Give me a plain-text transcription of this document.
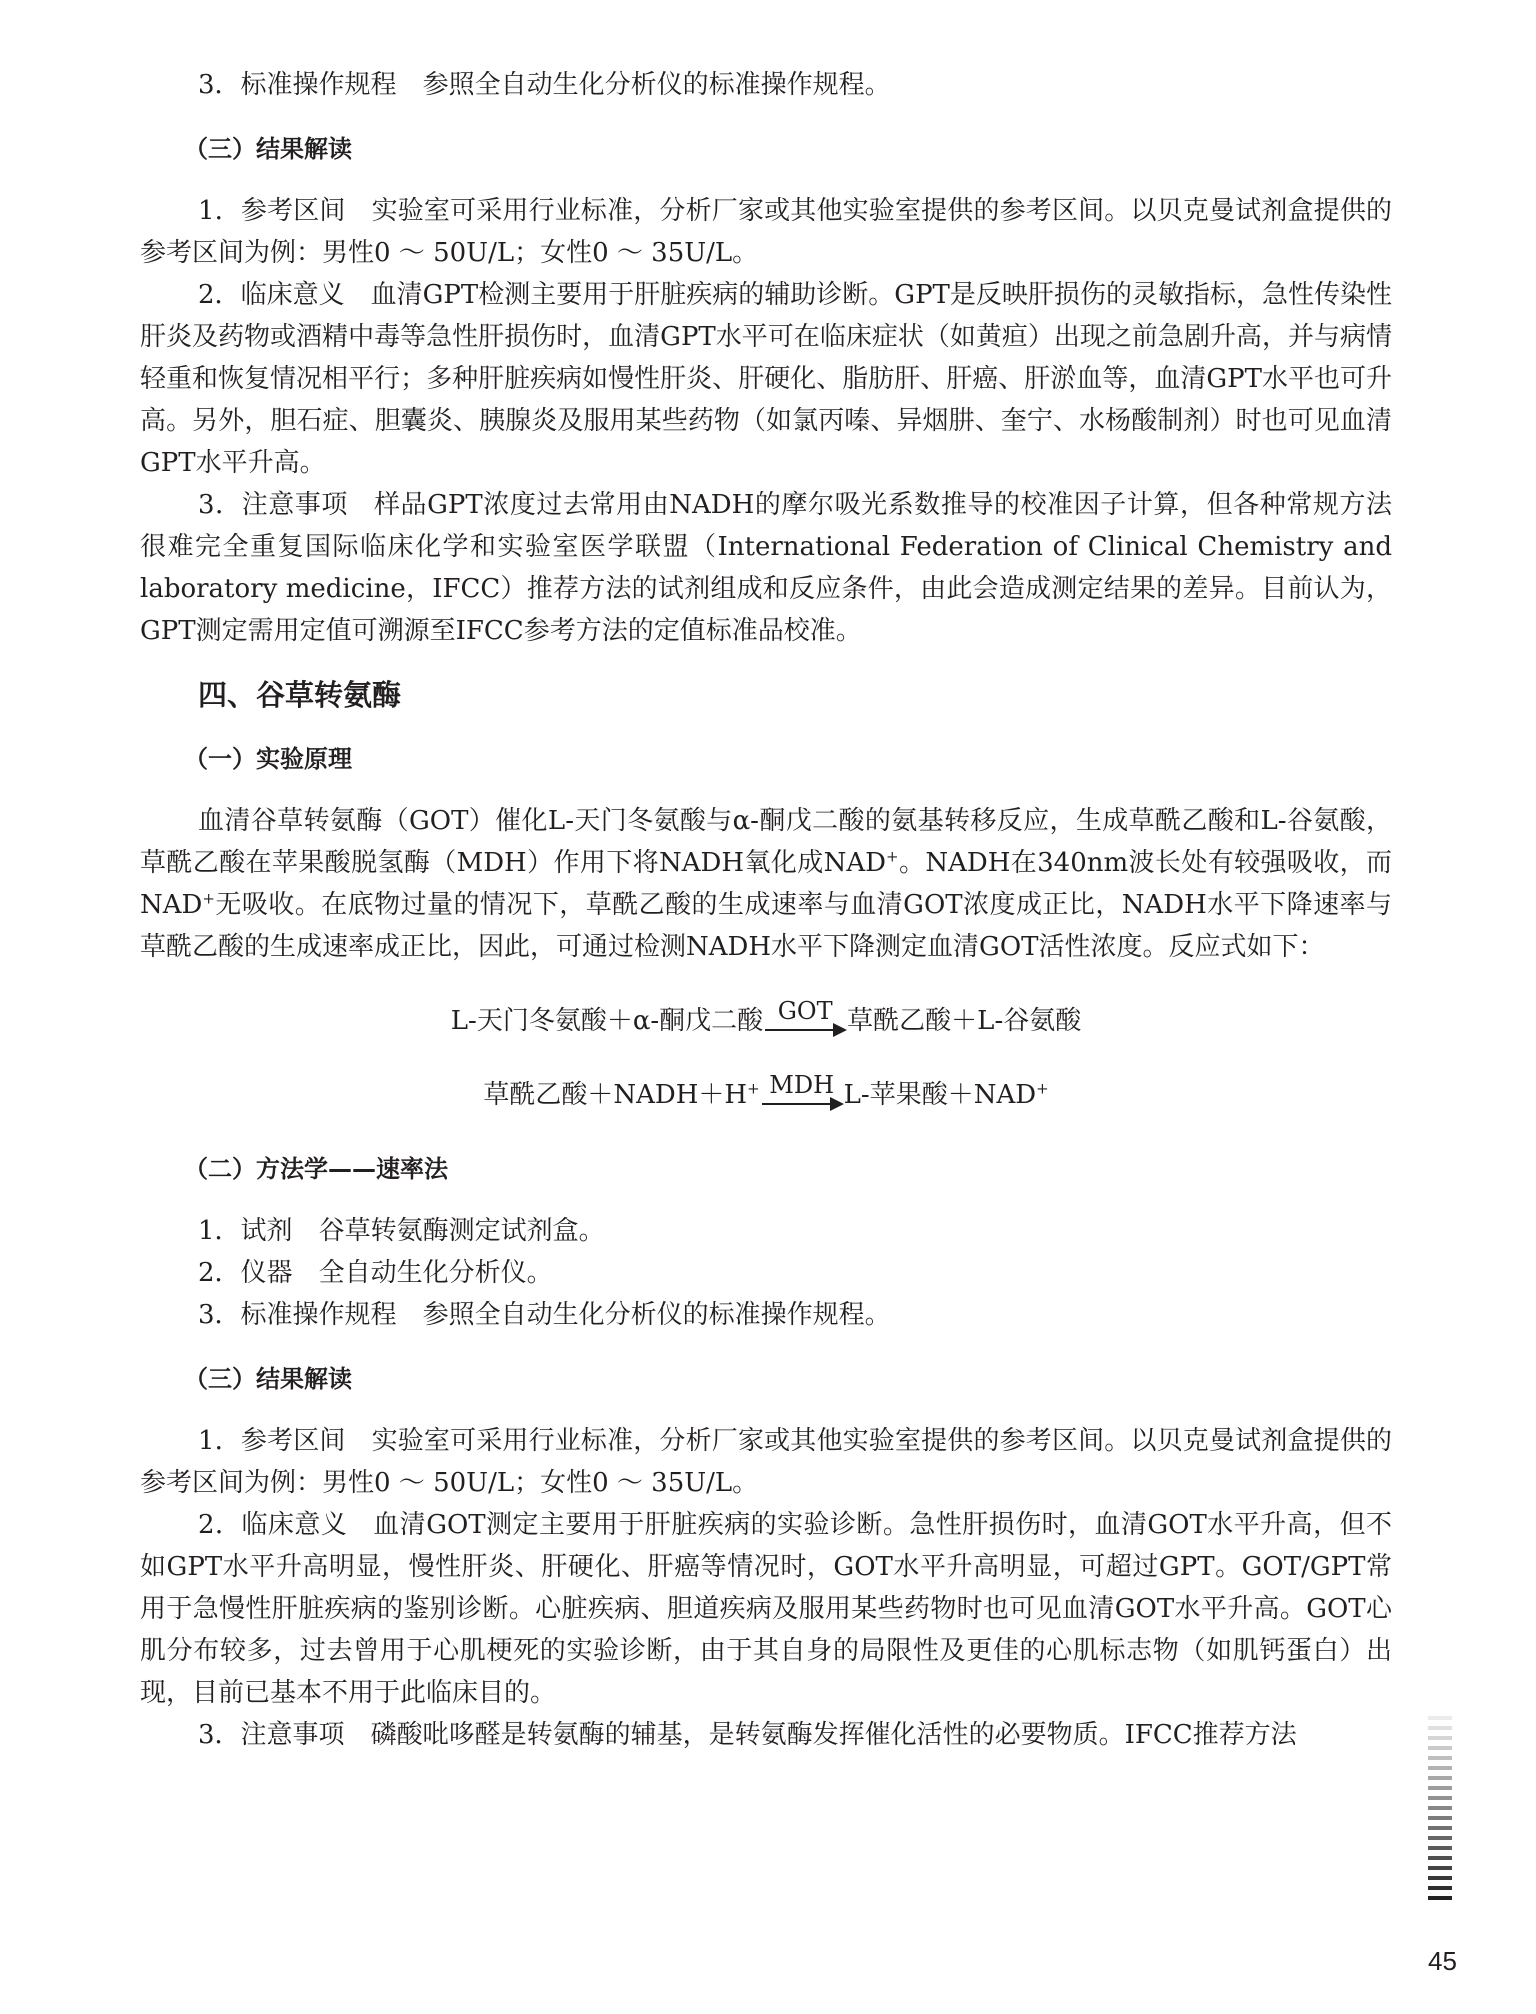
3．标准操作规程 参照全自动生化分析仪的标准操作规程。

（三）结果解读

1．参考区间 实验室可采用行业标准，分析厂家或其他实验室提供的参考区间。以贝克曼试剂盒提供的参考区间为例：男性0 ～ 50U/L；女性0 ～ 35U/L。

2．临床意义 血清GPT检测主要用于肝脏疾病的辅助诊断。GPT是反映肝损伤的灵敏指标，急性传染性肝炎及药物或酒精中毒等急性肝损伤时，血清GPT水平可在临床症状（如黄疸）出现之前急剧升高，并与病情轻重和恢复情况相平行；多种肝脏疾病如慢性肝炎、肝硬化、脂肪肝、肝癌、肝淤血等，血清GPT水平也可升高。另外，胆石症、胆囊炎、胰腺炎及服用某些药物（如氯丙嗪、异烟肼、奎宁、水杨酸制剂）时也可见血清GPT水平升高。

3．注意事项 样品GPT浓度过去常用由NADH的摩尔吸光系数推导的校准因子计算，但各种常规方法很难完全重复国际临床化学和实验室医学联盟（International Federation of Clinical Chemistry and laboratory medicine，IFCC）推荐方法的试剂组成和反应条件，由此会造成测定结果的差异。目前认为，GPT测定需用定值可溯源至IFCC参考方法的定值标准品校准。

四、谷草转氨酶
（一）实验原理

血清谷草转氨酶（GOT）催化L-天门冬氨酸与α-酮戊二酸的氨基转移反应，生成草酰乙酸和L-谷氨酸，草酰乙酸在苹果酸脱氢酶（MDH）作用下将NADH氧化成NAD+。NADH在340nm波长处有较强吸收，而NAD+无吸收。在底物过量的情况下，草酰乙酸的生成速率与血清GOT浓度成正比，NADH水平下降速率与草酰乙酸的生成速率成正比，因此，可通过检测NADH水平下降测定血清GOT活性浓度。反应式如下：

L-天门冬氨酸＋α-酮戊二酸 GOT 草酰乙酸＋L-谷氨酸
草酰乙酸＋NADH＋H+ MDH L-苹果酸＋NAD+
（二）方法学——速率法

1．试剂 谷草转氨酶测定试剂盒。

2．仪器 全自动生化分析仪。

3．标准操作规程 参照全自动生化分析仪的标准操作规程。

（三）结果解读

1．参考区间 实验室可采用行业标准，分析厂家或其他实验室提供的参考区间。以贝克曼试剂盒提供的参考区间为例：男性0 ～ 50U/L；女性0 ～ 35U/L。

2．临床意义 血清GOT测定主要用于肝脏疾病的实验诊断。急性肝损伤时，血清GOT水平升高，但不如GPT水平升高明显，慢性肝炎、肝硬化、肝癌等情况时，GOT水平升高明显，可超过GPT。GOT/GPT常用于急慢性肝脏疾病的鉴别诊断。心脏疾病、胆道疾病及服用某些药物时也可见血清GOT水平升高。GOT心肌分布较多，过去曾用于心肌梗死的实验诊断，由于其自身的局限性及更佳的心肌标志物（如肌钙蛋白）出现，目前已基本不用于此临床目的。

3．注意事项 磷酸吡哆醛是转氨酶的辅基，是转氨酶发挥催化活性的必要物质。IFCC推荐方法

45
